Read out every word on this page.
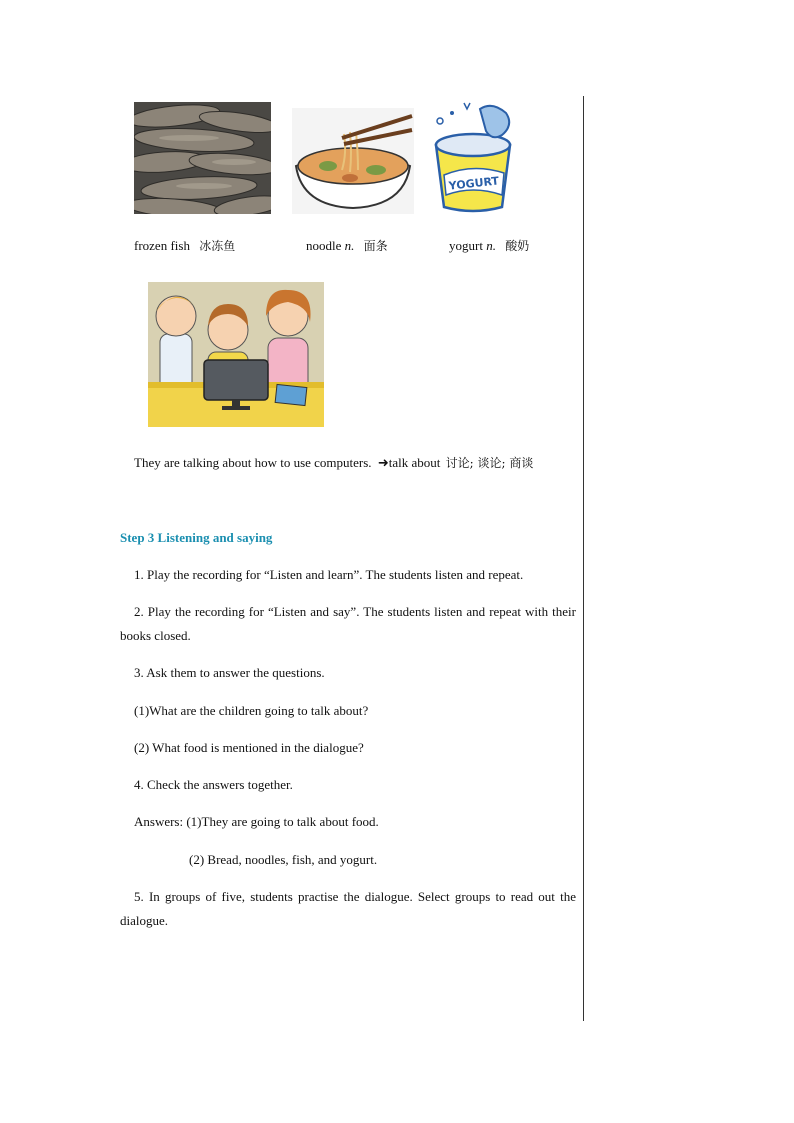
YOGURT
frozen fish 冰冻鱼	noodle n. 面条	yogurt n. 酸奶
They are talking about how to use computers. ➜talk about 讨论; 谈论; 商谈
Step 3 Listening and saying
1. Play the recording for “Listen and learn”. The students listen and repeat.
2. Play the recording for “Listen and say”. The students listen and repeat with their books closed.
3. Ask them to answer the questions.
(1)What are the children going to talk about?
(2) What food is mentioned in the dialogue?
4. Check the answers together.
Answers: (1)They are going to talk about food.
(2) Bread, noodles, fish, and yogurt.
5. In groups of five, students practise the dialogue. Select groups to read out the dialogue.
